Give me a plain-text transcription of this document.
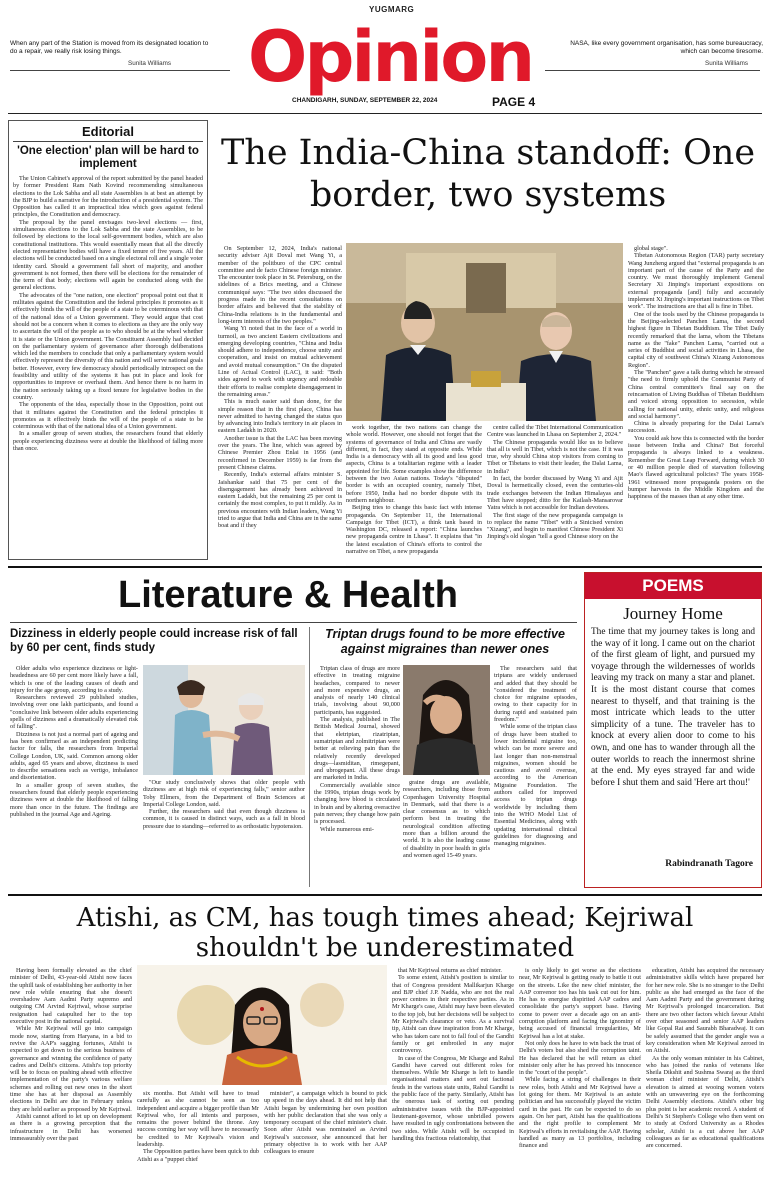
When any part of the Station is moved from its designated location to do a repair, we really risk losing things.
Sunita Williams
YUGMARG
Opinion
CHANDIGARH, SUNDAY, SEPTEMBER 22, 2024	PAGE 4
NASA, like every government organisation, has some bureaucracy, which can become tiresome.
Sunita Williams
Editorial
'One election' plan will be hard to implement

The Union Cabinet's approval of the report submitted by the panel headed by former President Ram Nath Kovind recommending simultaneous elections to the Lok Sabha and all state Assemblies is at best an attempt by the BJP to build a narrative for the introduction of a presidential system. The Opposition has called it an impractical idea which goes against federal principles, the Constitution and democracy.

The proposal by the panel envisages two-level elections — first, simultaneous elections to the Lok Sabha and the state Assemblies, to be followed by elections to the local self-government bodies, which are also constitutional institutions. This would essentially mean that all the directly elected representative bodies will have a fixed tenure of five years. All the elections will be conducted based on a single electoral roll and a single voter identity card. Should a government fall short of majority, and another government is not formed, then there will be elections for the remainder of the term of that body; elections will again be conducted along with the general elections.

The advocates of the "one nation, one election" proposal point out that it militates against the Constitution and the federal principles it promotes as it effectively binds the will of the people of a state to be coterminous with that of the national idea of a Union government. They would argue that cost should not be a concern when it comes to elections as they are the only way to ascertain the will of the people as to who should be at the wheel whether it is state or the Union government. The Constituent Assembly had decided on the parliamentary system of governance after thorough deliberations which led the members to conclude that only a parliamentary system would effectively represent the diversity of this nation and will serve national goals better. However, every few democracy should periodically introspect on the feasibility and utility of the systems it has put in place and look for opportunities to improve or overhaul them. And hence there is no harm in the nation seriously taking up a fixed tenure for legislative bodies in the country.

The opponents of the idea, especially those in the Opposition, point out that it militates against the Constitution and the federal principles it promotes as it effectively binds the will of the people of a state to be coterminous with that of the national idea of a Union government.

In a smaller group of seven studies, the researchers found that elderly people experiencing dizziness were at double the likelihood of falling more than once.

The India-China standoff: One border, two systems

On September 12, 2024, India's national security adviser Ajit Doval met Wang Yi, a member of the politburo of the CPC central committee and de facto Chinese foreign minister. The encounter took place in St. Petersburg, on the sidelines of a Brics meeting, and a Chinese communiqué says: "The two sides discussed the progress made in the recent consultations on border affairs and believed that the stability of China-India relations is in the fundamental and long-term interests of the two peoples."

Wang Yi noted that in the face of a world in turmoil, as two ancient Eastern civilizations and emerging developing countries, "China and India should adhere to independence, choose unity and cooperation, and insist on mutual achievement and avoid mutual consumption." On the disputed Line of Actual Control (LAC), it said: "Both sides agreed to work with urgency and redouble their efforts to realise complete disengagement in the remaining areas."

This is much easier said than done, for the simple reason that in the first place, China has never admitted to having changed the status quo by advancing into India's territory in air places in eastern Ladakh in 2020.

Another issue is that the LAC has been moving over the years. The line, which was agreed by Chinese Premier Zhou Enlai in 1956 (and reconfirmed in December 1959) is far from the present Chinese claims.

Recently, India's external affairs minister S. Jaishankar said that 75 per cent of the disengagement has already been achieved in eastern Ladakh, but the remaining 25 per cent is certainly the most complex, to put it mildly. As in previous encounters with Indian leaders, Wang Yi tried to argue that India and China are in the same boat and if they

work together, the two nations can change the whole world. However, one should not forget that the systems of governance of India and China are vastly different, in fact, they stand at opposite ends. While India is a democracy with all its good and less good aspects, China is a totalitarian regime with a leader appointed for life. Some examples show the difference between the two Asian nations. Today's "disputed" border is with an occupied country, namely Tibet, before 1950, India had no border dispute with its northern neighbour.

Beijing tries to change this basic fact with intense propaganda. On September 11, the International Campaign for Tibet (ICT), a think tank based in Washington DC, released a report: "China launches new propaganda centre in Lhasa". It explains that "in the latest escalation of China's efforts to control the narrative on Tibet, a new propaganda

centre called the Tibet International Communication Centre was launched in Lhasa on September 2, 2024."

The Chinese propaganda would like us to believe that all is well in Tibet, which is not the case. If it was true, why should China stop visitors from coming to Tibet or Tibetans to visit their leader, the Dalai Lama, in India?

In fact, the border discussed by Wang Yi and Ajit Doval is hermetically closed, even the centuries-old trade exchanges between the Indian Himalayas and Tibet have stopped; ditto for the Kailash-Mansarovar Yatra which is not accessible for Indian devotees.

The first stage of the new propaganda campaign is to replace the name "Tibet" with a Sinicised version "Xizang", and begin to manifest Chinese President Xi Jinping's old slogan "tell a good Chinese story on the

global stage".

Tibetan Autonomous Region (TAR) party secretary Wang Junzheng argued that "external propaganda is an important part of the cause of the Party and the country. We must thoroughly implement General Secretary Xi Jinping's important expositions on external propaganda [and] fully and accurately implement Xi Jinping's important instructions on Tibet work". The instructions are that all is fine in Tibet.

One of the tools used by the Chinese propaganda is the Beijing-selected Panchen Lama, the second highest figure in Tibetan Buddhism. The Tibet Daily recently remarked that the lama, whom the Tibetans name as the "fake" Panchen Lama, "carried out a series of Buddhist and social activities in Lhasa, the capital city of southwest China's Xizang Autonomous Region".

The "Panchen" gave a talk during which he stressed "the need to firmly uphold the Communist Party of China central committee's final say on the reincarnation of Living Buddhas of Tibetan Buddhism and voiced strong opposition to secession, while calling for national unity, ethnic unity, and religious and social harmony".

China is already preparing for the Dalai Lama's succession.

You could ask how this is connected with the border issue between India and China? But forceful propaganda is always linked to a weakness. Remember the Great Leap Forward, during which 30 or 40 million people died of starvation following Mao's flawed agricultural policies? The years 1958-1961 witnessed more propaganda posters on the bumper harvests in the Middle Kingdom and the happiness of the masses than at any other time.

Literature & Health
Dizziness in elderly people could increase risk of fall by 60 per cent, finds study

Older adults who experience dizziness or light-headedness are 60 per cent more likely have a fall, which is one of the leading causes of death and injury for the age group, according to a study.

Researchers reviewed 29 published studies, involving over one lakh participants, and found a "conclusive link between older adults experiencing spells of dizziness and a dramatically elevated risk of falling".

Dizziness is not just a normal part of ageing and has been confirmed as an independent predicting factor for falls, the researchers from Imperial College London, UK, said. Common among older adults, aged 65 years and above, dizziness is used to describe sensations such as vertigo, imbalance and disorientation.

In a smaller group of seven studies, the researchers found that elderly people experiencing dizziness were at double the likelihood of falling more than once in the future. The findings are published in the journal Age and Ageing.

"Our study conclusively shows that older people with dizziness are at high risk of experiencing falls," senior author Toby Ellmers, from the Department of Brain Sciences at Imperial College London, said.

Further, the researchers said that even though dizziness is common, it is caused in distinct ways, such as a fall in blood pressure due to standing—referred to as orthostatic hypotension.

Triptan drugs found to be more effective against migraines than newer ones

Triptan class of drugs are more effective in treating migraine headaches, compared to newer and more expensive drugs, an analysis of nearly 140 clinical trials, involving about 90,000 participants, has suggested.

The analysis, published in The British Medical Journal, showed that eletriptan, rizatriptan, sumatriptan and zolmitriptan were better at relieving pain than the relatively recently developed drugs—lasmiditan, rimegepant, and ubrogepant. All these drugs are marketed in India.

Commercially available since the 1990s, triptan drugs work by changing how blood is circulated in brain and by altering overactive pain nerves; they change how pain is processed.

While numerous emi-

graine drugs are available, researchers, including those from Copenhagen University Hospital in Denmark, said that there is a clear consensus as to which perform best in treating the neurological condition affecting more than a billion around the world. It is also the leading cause of disability in poor health in girls and women aged 15-49 years.

The researchers said that triptans are widely underused and added that they should be "considered the treatment of choice for migraine episodes, owing to their capacity for in during rapid and sustained pain freedom."

While some of the triptan class of drugs have been studied to lower incidental migraine too, which can be more severe and last longer than non-menstrual migraines, women should be cautious and avoid overuse, according to the American Migraine Foundation. The authors called for improved access to triptan drugs worldwide by including them into the WHO Model List of Essential Medicines, along with updating international clinical guidelines for diagnosing and managing migraines.

POEMS
Journey Home
The time that my journey takes is long and the way of it long. I came out on the chariot of the first gleam of light, and pursued my voyage through the wildernesses of worlds leaving my track on many a star and planet. It is the most distant course that comes nearest to thyself, and that training is the most intricate which leads to the utter simplicity of a tune. The traveler has to knock at every alien door to come to his own, and one has to wander through all the outer worlds to reach the innermost shrine at the end. My eyes strayed far and wide before I shut them and said 'Here art thou!'
Rabindranath Tagore
Atishi, as CM, has tough times ahead; Kejriwal shouldn't be underestimated

Having been formally elevated as the chief minister of Delhi, 43-year-old Atishi now faces the uphill task of establishing her authority in her new role while ensuring that she doesn't overshadow Aam Aadmi Party supremo and outgoing CM Arvind Kejriwal, whose surprise resignation had catapulted her to the top executive post in the national capital.

While Mr Kejriwal will go into campaign mode now, starting from Haryana, in a bid to revive the AAP's sagging fortunes, Atishi is expected to get down to the serious business of governance and winning the confidence of party cadres and Delhi's citizens. Atishi's top priority will be to focus on pushing ahead with effective implementation of the party's various welfare schemes and rolling out new ones in the short time she has at her disposal as Assembly elections in Delhi are due in February unless they are held earlier as proposed by Mr Kejriwal.

Atishi cannot afford to let up on development as there is a growing perception that the infrastructure in Delhi has worsened immeasurably over the past

six months. But Atishi will have to tread carefully as she cannot be seen as too independent and acquire a bigger profile than Mr Kejriwal who, for all intents and purposes, remains the power behind the throne. Any success coming her way will have to necessarily be credited to Mr Kejriwal's vision and leadership.

The Opposition parties have been quick to dub Atishi as a "puppet chief

minister", a campaign which is bound to pick up speed in the days ahead. It did not help that Atishi began by undermining her own position with her public declaration that she was only a temporary occupant of the chief minister's chair. Soon after Atishi was nominated as Arvind Kejriwal's successor, she announced that her primary objective is to work with her AAP colleagues to ensure

that Mr Kejriwal returns as chief minister.

To some extent, Atishi's position is similar to that of Congress president Mallikarjun Kharge and BJP chief J.P. Nadda, who are not the real power centres in their respective parties. As in Mr Kharge's case, Atishi may have been elevated to the top job, but her decisions will be subject to Mr Kejriwal's clearance or veto. As a survival tip, Atishi can draw inspiration from Mr Kharge, who has taken care not to fall foul of the Gandhi family or get embroiled in any major controversy.

In case of the Congress, Mr Kharge and Rahul Gandhi have carved out different roles for themselves. While Mr Kharge is left to handle organisational matters and sort out factional feuds in the various state units, Rahul Gandhi is the public face of the party. Similarly, Atishi has the onerous task of sorting out pending administrative issues with the BJP-appointed lieutenant-governor, whose unbridled powers have resulted in ugly confrontations between the two sides. While Atishi will be occupied in handling this fractious relationship, that

is only likely to get worse as the elections near, Mr Kejriwal is getting ready to battle it out on the streets. Like the new chief minister, the AAP convenor too has his task cut out for him. He has to energise dispirited AAP cadres and consolidate the party's support base. Having come to power over a decade ago on an anti-corruption platform and facing the ignominy of being accused of financial irregularities, Mr Kejriwal has a lot at stake.

Not only does he have to win back the trust of Delhi's voters but also shed the corruption taint. He has declared that he will return as chief minister only after he has proved his innocence in the "court of the people".

While facing a string of challenges in their new roles, both Atishi and Mr Kejriwal have a lot going for them. Mr Kejriwal is an astute politician and has successfully played the victim card in the past. He can be expected to do so again. On her part, Atishi has the qualifications and the right profile to complement Mr Kejriwal's efforts in revitalising the AAP. Having handled as many as 13 portfolios, including finance and

education, Atishi has acquired the necessary administrative skills which have prepared her for her new role. She is no stranger to the Delhi public as she had emerged as the face of the Aam Aadmi Party and the government during Mr Kejriwal's prolonged incarceration. But there are two other factors which favour Atishi over other seasoned and senior AAP leaders like Gopal Rai and Saurabh Bharadwaj. It can be safely assumed that the gender angle was a key consideration when Mr Kejriwal zeroed in on Atishi.

As the only woman minister in his Cabinet, who has joined the ranks of veterans like Sheila Dikshit and Sushma Swaraj as the third woman chief minister of Delhi, Atishi's elevation is aimed at wooing women voters with an unwavering eye on the forthcoming Delhi Assembly elections. Atishi's other big plus point is her academic record. A student of Delhi's St Stephen's College who then went on to study at Oxford University as a Rhodes scholar, Atishi is a cut above her AAP colleagues as far as educational qualifications are concerned.
